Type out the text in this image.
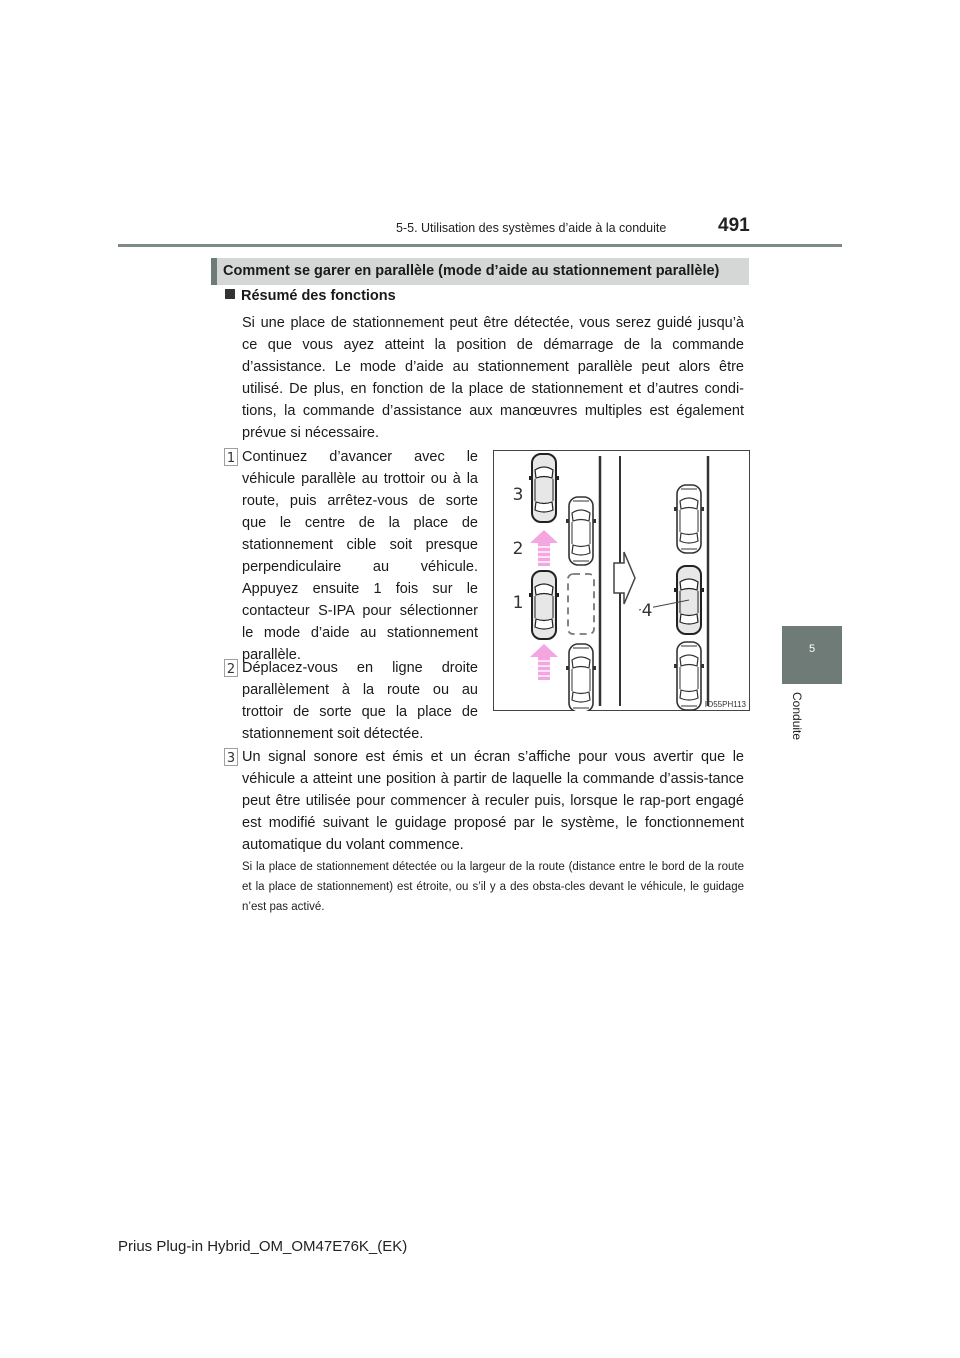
5-5. Utilisation des systèmes d’aide à la conduite	491
5
Conduite
Comment se garer en parallèle (mode d’aide au stationnement parallèle)
Résumé des fonctions

Si une place de stationnement peut être détectée, vous serez guidé jusqu’à ce que vous ayez atteint la position de démarrage de la commande d’assistance. Le mode d’aide au stationnement parallèle peut alors être utilisé. De plus, en fonction de la place de stationnement et d’autres condi-tions, la commande d’assistance aux manœuvres multiples est également prévue si nécessaire.

1 Continuez d’avancer avec le véhicule parallèle au trottoir ou à la route, puis arrêtez-vous de sorte que le centre de la place de stationnement cible soit presque perpendiculaire au véhicule. Appuyez ensuite 1 fois sur le contacteur S-IPA pour sélectionner le mode d’aide au stationnement parallèle.

2 Déplacez-vous en ligne droite parallèlement à la route ou au trottoir de sorte que la place de stationnement soit détectée.

3 Un signal sonore est émis et un écran s’affiche pour vous avertir que le véhicule a atteint une position à partir de laquelle la commande d’assis-tance peut être utilisée pour commencer à reculer puis, lorsque le rap-port engagé est modifié suivant le guidage proposé par le système, le fonctionnement automatique du volant commence.

Si la place de stationnement détectée ou la largeur de la route (distance entre le bord de la route et la place de stationnement) est étroite, ou s’il y a des obsta-cles devant le véhicule, le guidage n’est pas activé.

3
2
1	4
IO55PH113
Prius Plug-in Hybrid_OM_OM47E76K_(EK)
